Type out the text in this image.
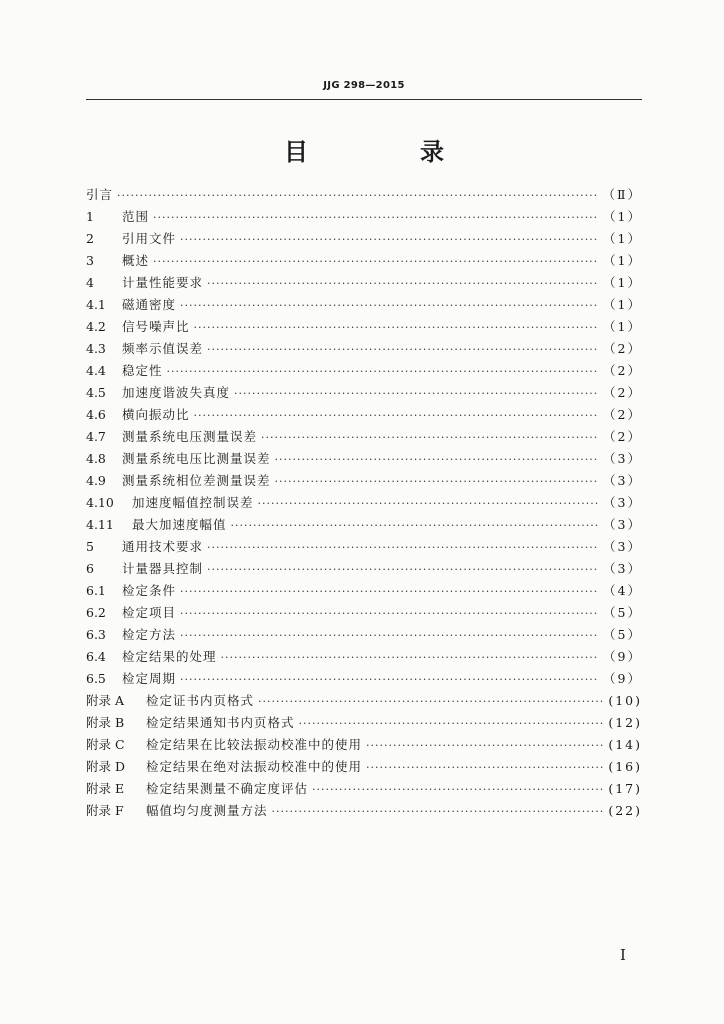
JJG 298—2015
目　录
引言 ·····	（Ⅱ）
1	范围 ·····	（1）
2	引用文件 ·····	（1）
3	概述 ·····	（1）
4	计量性能要求 ·····	（1）
4.1	磁通密度 ·····	（1）
4.2	信号噪声比 ·····	（1）
4.3	频率示值误差 ·····	（2）
4.4	稳定性 ·····	（2）
4.5	加速度谐波失真度 ·····	（2）
4.6	横向振动比 ·····	（2）
4.7	测量系统电压测量误差 ·····	（2）
4.8	测量系统电压比测量误差 ·····	（3）
4.9	测量系统相位差测量误差 ·····	（3）
4.10	加速度幅值控制误差 ·····	（3）
4.11	最大加速度幅值 ·····	（3）
5	通用技术要求 ·····	（3）
6	计量器具控制 ·····	（3）
6.1	检定条件 ·····	（4）
6.2	检定项目 ·····	（5）
6.3	检定方法 ·····	（5）
6.4	检定结果的处理 ·····	（9）
6.5	检定周期 ·····	（9）
附录 A	检定证书内页格式 ·····	(10)
附录 B	检定结果通知书内页格式 ·····	(12)
附录 C	检定结果在比较法振动校准中的使用 ·····	(14)
附录 D	检定结果在绝对法振动校准中的使用 ·····	(16)
附录 E	检定结果测量不确定度评估 ·····	(17)
附录 F	幅值均匀度测量方法 ·····	(22)
I
